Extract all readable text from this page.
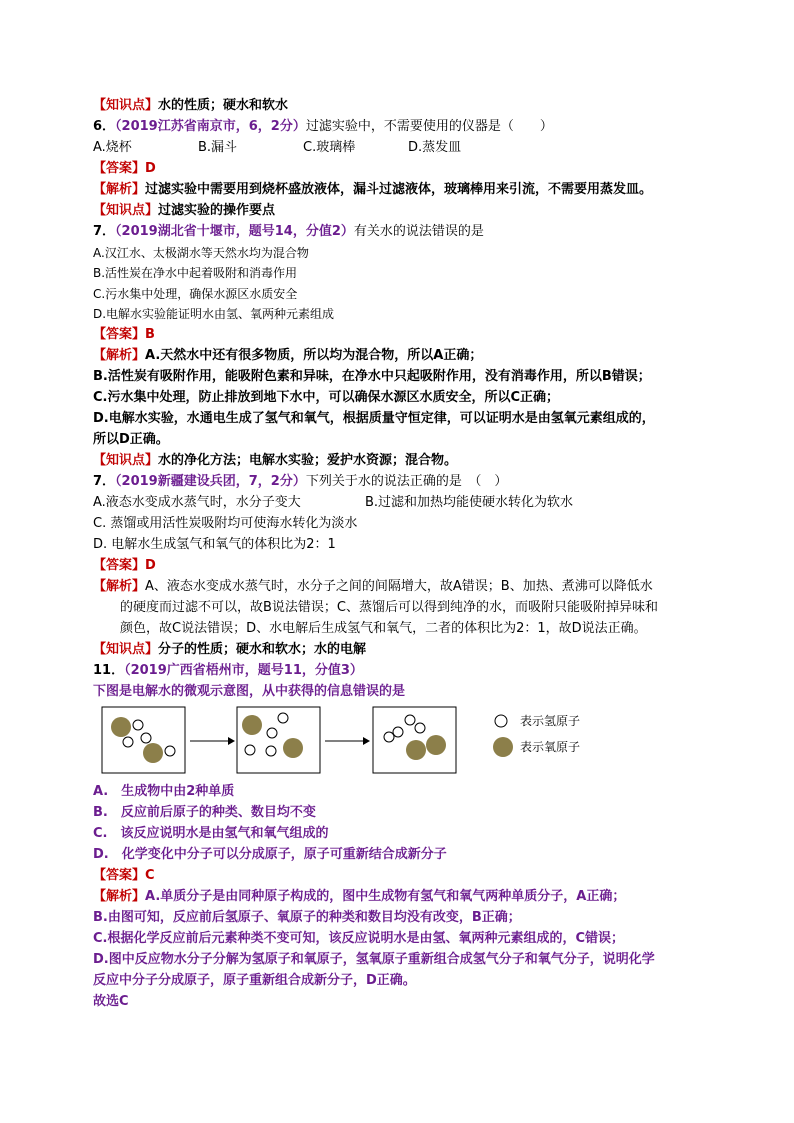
【知识点】水的性质；硬水和软水
6．（2019江苏省南京市，6，2分）过滤实验中，不需要使用的仪器是（　　）
A.烧杯	B.漏斗	C.玻璃棒	D.蒸发皿
【答案】D
【解析】过滤实验中需要用到烧杯盛放液体，漏斗过滤液体，玻璃棒用来引流，不需要用蒸发皿。
【知识点】过滤实验的操作要点
7．（2019湖北省十堰市，题号14，分值2）有关水的说法错误的是
A.汉江水、太极湖水等天然水均为混合物
B.活性炭在净水中起着吸附和消毒作用
C.污水集中处理，确保水源区水质安全
D.电解水实验能证明水由氢、氧两种元素组成
【答案】B
【解析】A.天然水中还有很多物质，所以均为混合物，所以A正确；
B.活性炭有吸附作用，能吸附色素和异味，在净水中只起吸附作用，没有消毒作用，所以B错误；
C.污水集中处理，防止排放到地下水中，可以确保水源区水质安全，所以C正确；
D.电解水实验，水通电生成了氢气和氧气，根据质量守恒定律，可以证明水是由氢氧元素组成的，
所以D正确。
【知识点】水的净化方法；电解水实验；爱护水资源；混合物。
7．（2019新疆建设兵团，7，2分）下列关于水的说法正确的是　（　）
A.液态水变成水蒸气时，水分子变大	B.过滤和加热均能使硬水转化为软水
C. 蒸馏或用活性炭吸附均可使海水转化为淡水
D. 电解水生成氢气和氧气的体积比为2：1
【答案】D
【解析】A、液态水变成水蒸气时，水分子之间的间隔增大，故A错误；B、加热、煮沸可以降低水
的硬度而过滤不可以，故B说法错误；C、蒸馏后可以得到纯净的水，而吸附只能吸附掉异味和
颜色，故C说法错误；D、水电解后生成氢气和氧气，二者的体积比为2：1，故D说法正确。
【知识点】分子的性质；硬水和软水；水的电解
11．（2019广西省梧州市，题号11，分值3）
下图是电解水的微观示意图，从中获得的信息错误的是
表示氢原子
表示氧原子
A.　生成物中由2种单质
B.　反应前后原子的种类、数目均不变
C.　该反应说明水是由氢气和氧气组成的
D.　化学变化中分子可以分成原子，原子可重新结合成新分子
【答案】C
【解析】A.单质分子是由同种原子构成的，图中生成物有氢气和氧气两种单质分子，A正确；
B.由图可知，反应前后氢原子、氧原子的种类和数目均没有改变，B正确；
C.根据化学反应前后元素种类不变可知，该反应说明水是由氢、氧两种元素组成的，C错误；
D.图中反应物水分子分解为氢原子和氧原子，氢氧原子重新组合成氢气分子和氧气分子，说明化学
反应中分子分成原子，原子重新组合成新分子，D正确。
故选C
